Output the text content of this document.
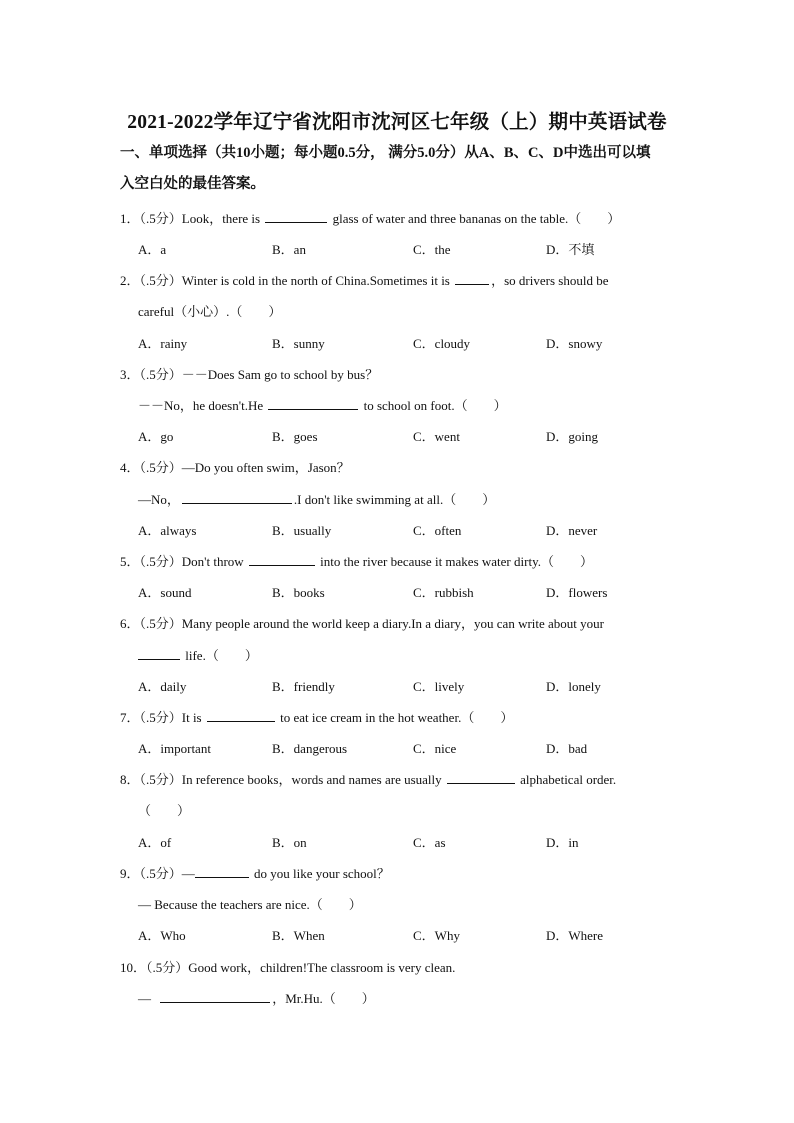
2021-2022学年辽宁省沈阳市沈河区七年级（上）期中英语试卷
一、单项选择（共10小题；每小题0.5分， 满分5.0分）从A、B、C、D中选出可以填
入空白处的最佳答案。
1．（.5分）Look，there is	glass of water and three bananas on the table.（　　）
A．a	B．an	C．the	D．不填
2．（.5分）Winter is cold in the north of China.Sometimes it is	，so drivers should be
careful（小心）.（　　）
A．rainy	B．sunny	C．cloudy	D．snowy
3．（.5分）－－Does Sam go to school by bus？
－－No，he doesn't.He	to school on foot.（　　）
A．go	B．goes	C．went	D．going
4．（.5分）—Do you often swim，Jason？
—No，	.I don't like swimming at all.（　　）
A．always	B．usually	C．often	D．never
5．（.5分）Don't throw	into the river because it makes water dirty.（　　）
A．sound	B．books	C．rubbish	D．flowers
6．（.5分）Many people around the world keep a diary.In a diary，you can write about your
life.（　　）
A．daily	B．friendly	C．lively	D．lonely
7．（.5分）It is	to eat ice cream in the hot weather.（　　）
A．important	B．dangerous	C．nice	D．bad
8．（.5分）In reference books，words and names are usually	alphabetical order.
（　　）
A．of	B．on	C．as	D．in
9．（.5分）—	do you like your school？
— Because the teachers are nice.（　　）
A．Who	B．When	C．Why	D．Where
10．（.5分）Good work，children!The classroom is very clean.
—	，Mr.Hu.（　　）
